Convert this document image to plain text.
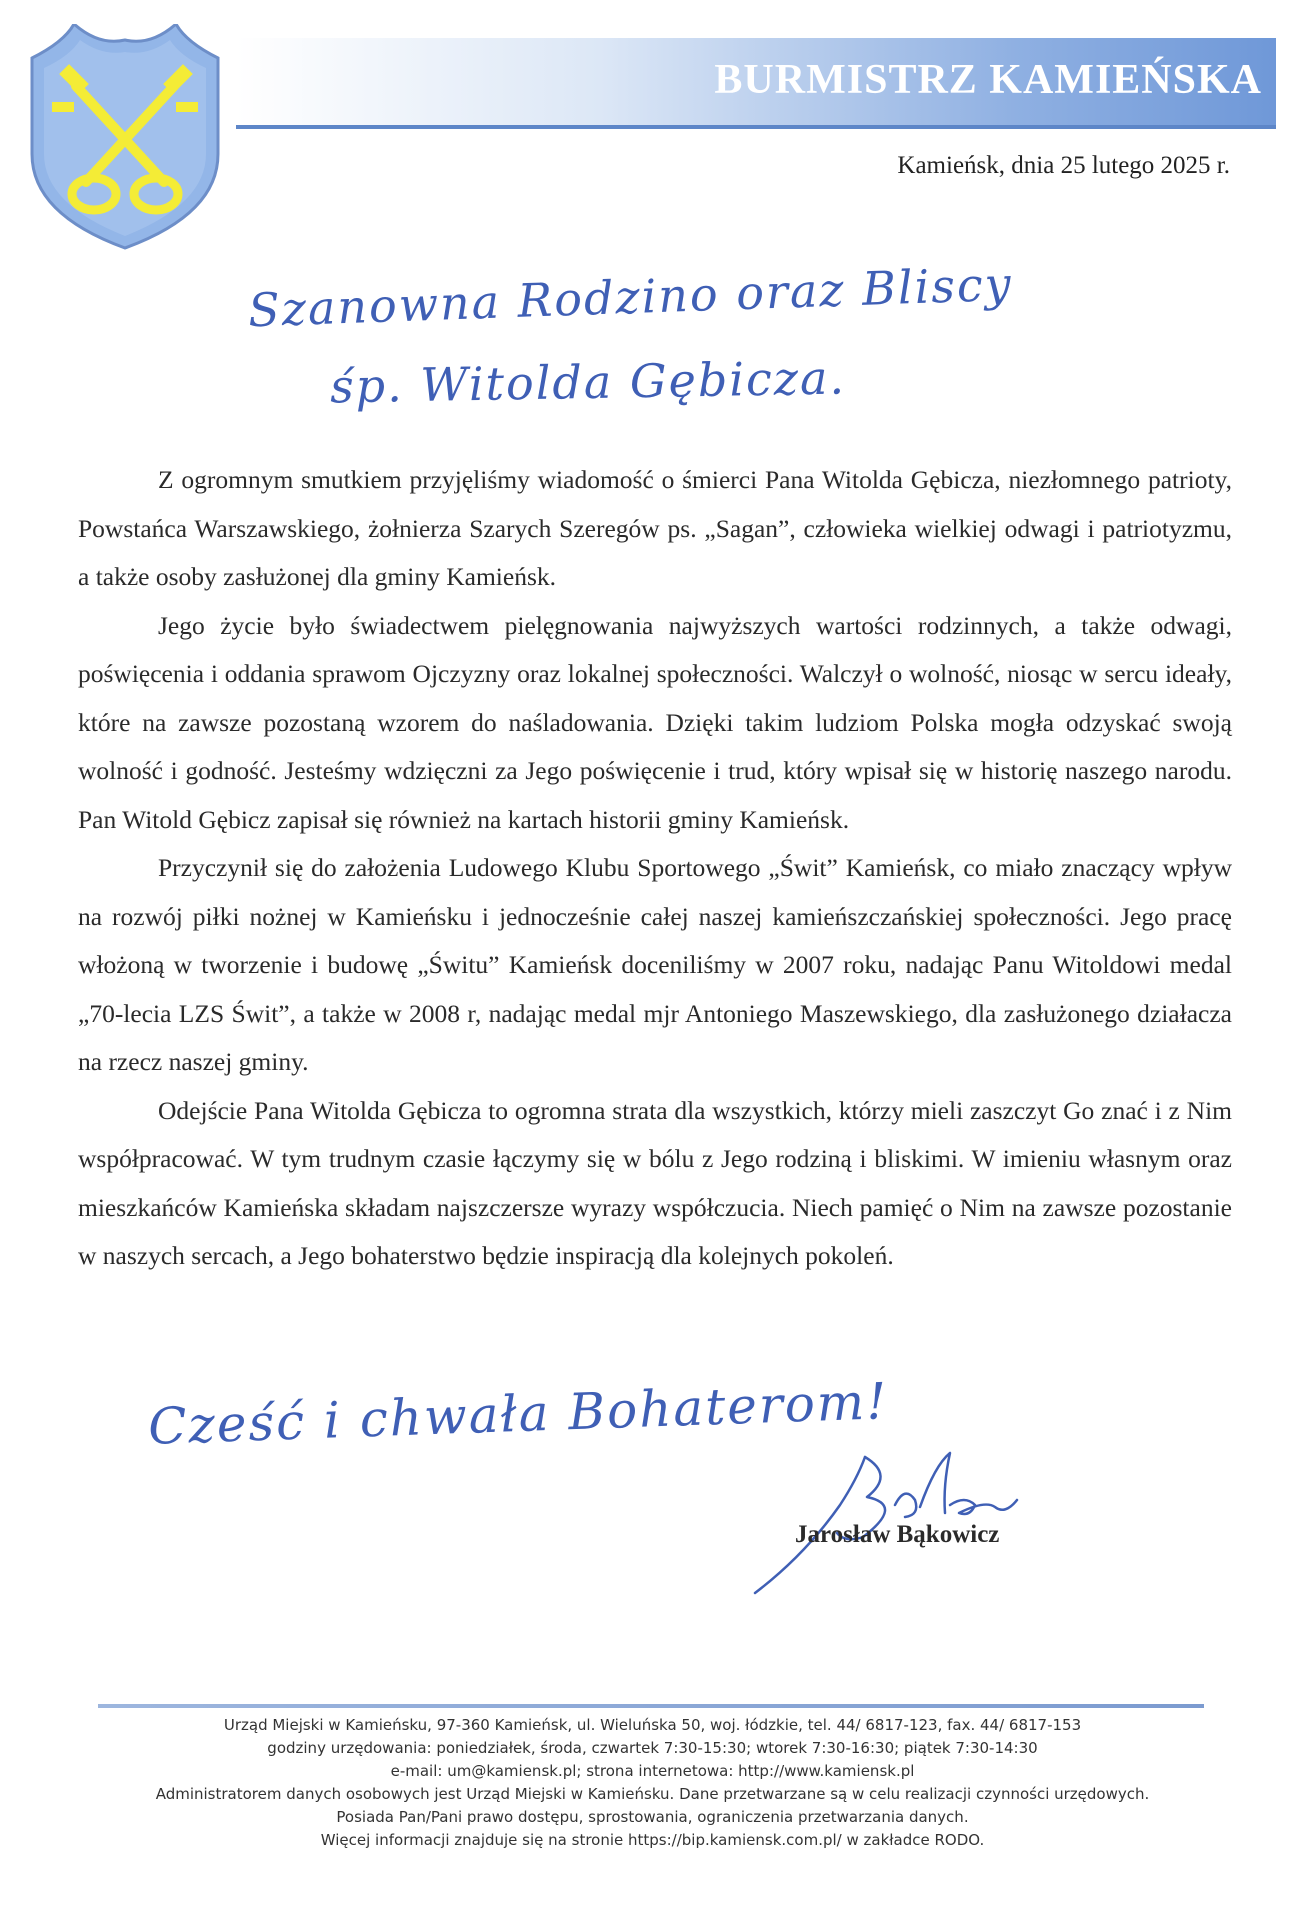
BURMISTRZ KAMIEŃSKA
Kamieńsk, dnia 25 lutego 2025 r.
Szanowna Rodzino oraz Bliscy
śp. Witolda Gębicza.

Z ogromnym smutkiem przyjęliśmy wiadomość o śmierci Pana Witolda Gębicza, niezłomnego patrioty, Powstańca Warszawskiego, żołnierza Szarych Szeregów ps. „Sagan”, człowieka wielkiej odwagi i patriotyzmu, a także osoby zasłużonej dla gminy Kamieńsk.

Jego życie było świadectwem pielęgnowania najwyższych wartości rodzinnych, a także odwagi, poświęcenia i oddania sprawom Ojczyzny oraz lokalnej społeczności. Walczył o wolność, niosąc w sercu ideały, które na zawsze pozostaną wzorem do naśladowania. Dzięki takim ludziom Polska mogła odzyskać swoją wolność i godność. Jesteśmy wdzięczni za Jego poświęcenie i trud, który wpisał się w historię naszego narodu. Pan Witold Gębicz zapisał się również na kartach historii gminy Kamieńsk.

Przyczynił się do założenia Ludowego Klubu Sportowego „Świt” Kamieńsk, co miało znaczący wpływ na rozwój piłki nożnej w Kamieńsku i jednocześnie całej naszej kamieńszczańskiej społeczności. Jego pracę włożoną w tworzenie i budowę „Świtu” Kamieńsk doceniliśmy w 2007 roku, nadając Panu Witoldowi medal „70-lecia LZS Świt”, a także w 2008 r, nadając medal mjr Antoniego Maszewskiego, dla zasłużonego działacza na rzecz naszej gminy.

Odejście Pana Witolda Gębicza to ogromna strata dla wszystkich, którzy mieli zaszczyt Go znać i z Nim współpracować. W tym trudnym czasie łączymy się w bólu z Jego rodziną i bliskimi. W imieniu własnym oraz mieszkańców Kamieńska składam najszczersze wyrazy współczucia. Niech pamięć o Nim na zawsze pozostanie w naszych sercach, a Jego bohaterstwo będzie inspiracją dla kolejnych pokoleń.

Cześć i chwała Bohaterom!
Jarosław Bąkowicz
Urząd Miejski w Kamieńsku, 97-360 Kamieńsk, ul. Wieluńska 50, woj. łódzkie, tel. 44/ 6817-123, fax. 44/ 6817-153
godziny urzędowania: poniedziałek, środa, czwartek 7:30-15:30; wtorek 7:30-16:30; piątek 7:30-14:30
e-mail: um@kamiensk.pl; strona internetowa: http://www.kamiensk.pl
Administratorem danych osobowych jest Urząd Miejski w Kamieńsku. Dane przetwarzane są w celu realizacji czynności urzędowych.
Posiada Pan/Pani prawo dostępu, sprostowania, ograniczenia przetwarzania danych.
Więcej informacji znajduje się na stronie https://bip.kamiensk.com.pl/ w zakładce RODO.
